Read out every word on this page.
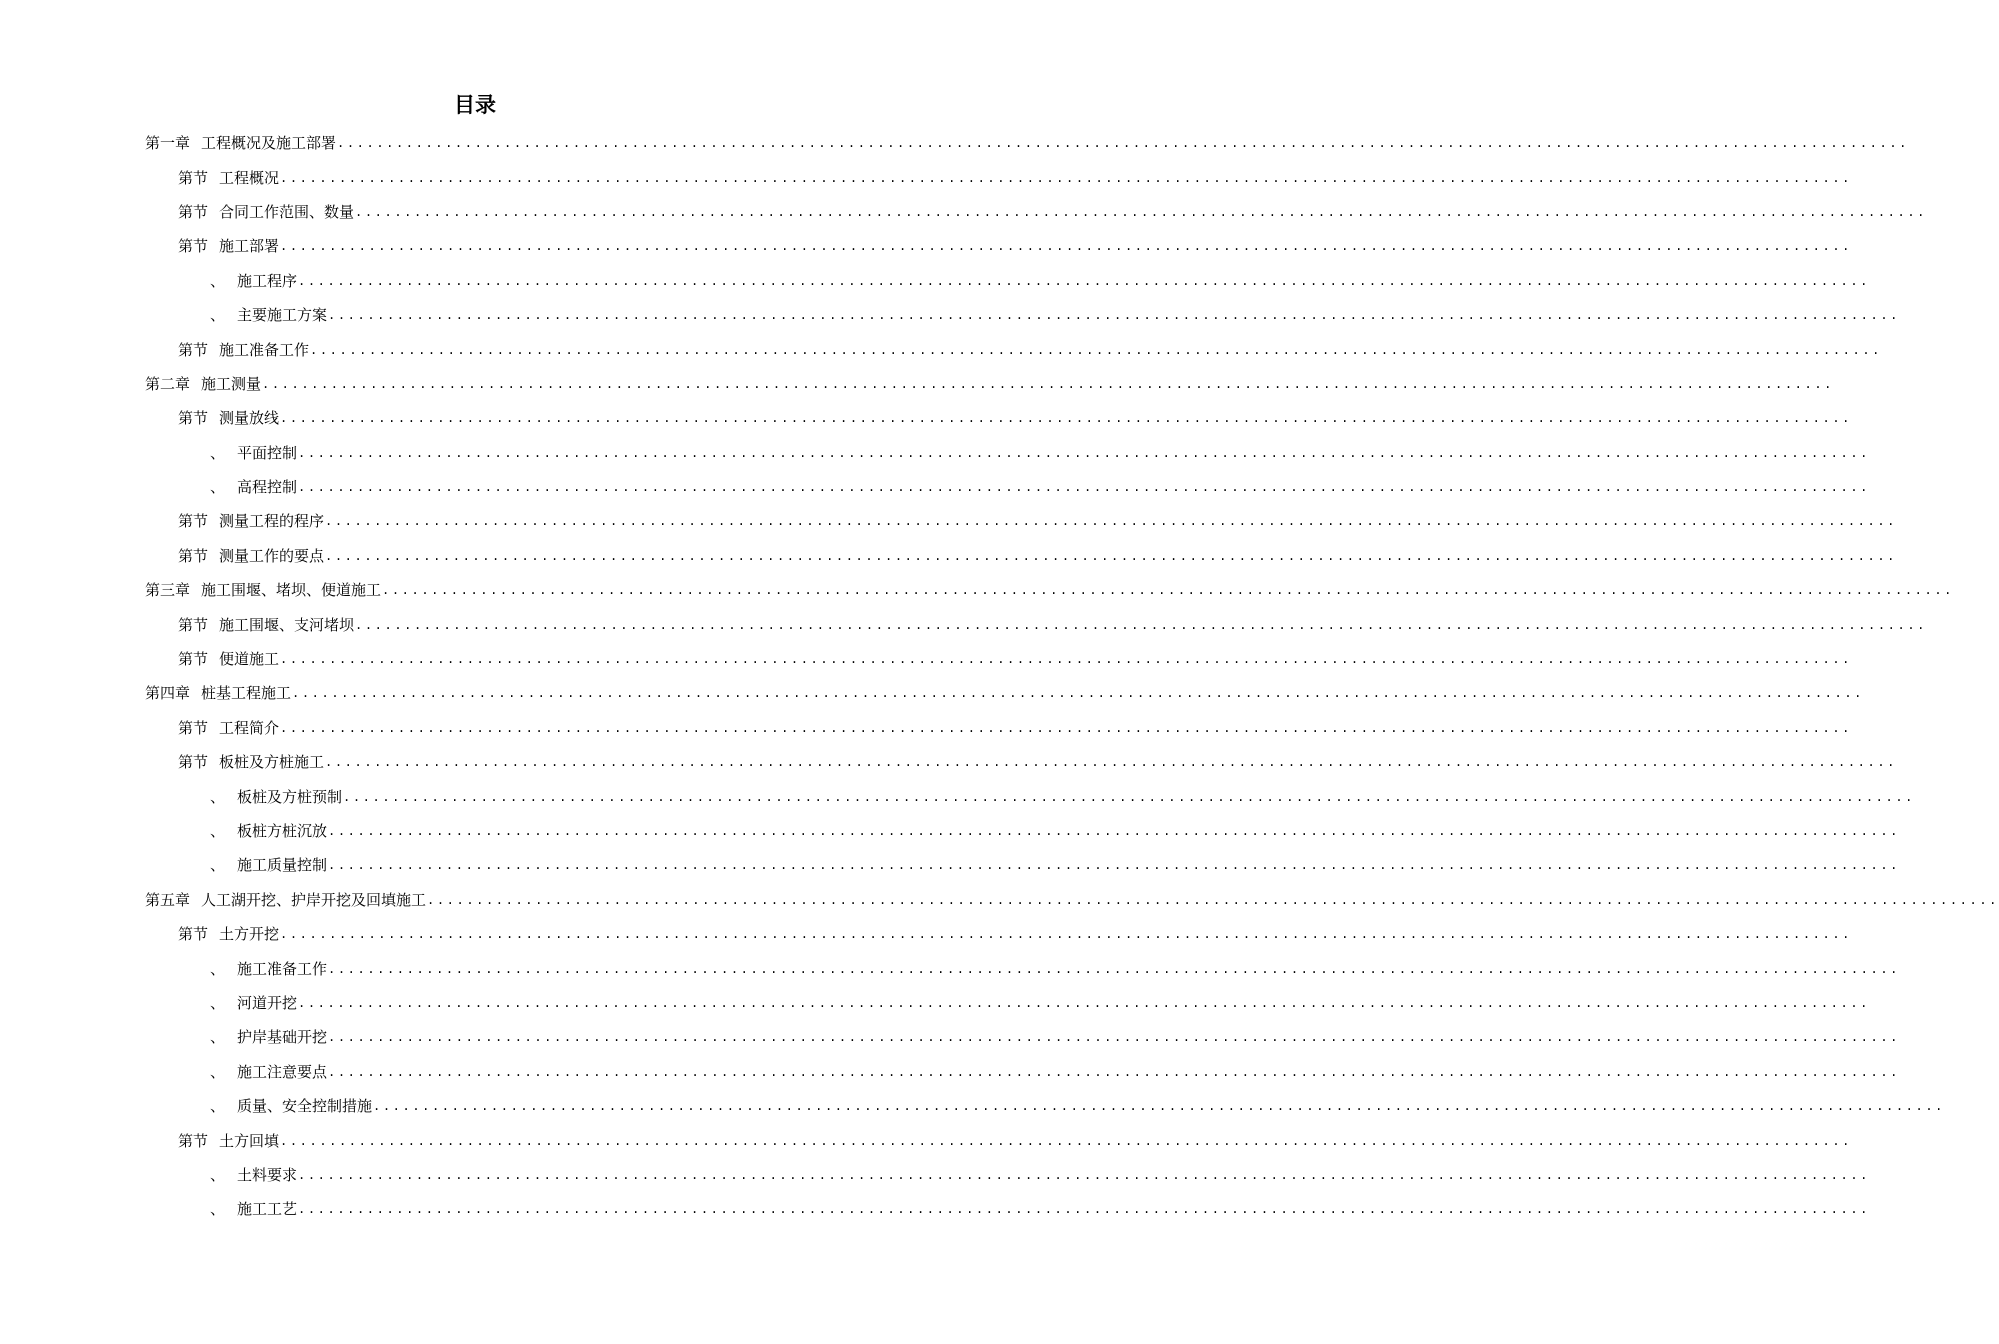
目录
第一章 工程概况及施工部署 ................................................................................................................................................................
第节 工程概况 ................................................................................................................................................................
第节 合同工作范围、数量 ................................................................................................................................................................
第节 施工部署 ................................................................................................................................................................
、 施工程序 ................................................................................................................................................................
、 主要施工方案 ................................................................................................................................................................
第节 施工准备工作 ................................................................................................................................................................
第二章 施工测量 ................................................................................................................................................................
第节 测量放线 ................................................................................................................................................................
、 平面控制 ................................................................................................................................................................
、 高程控制 ................................................................................................................................................................
第节 测量工程的程序 ................................................................................................................................................................
第节 测量工作的要点 ................................................................................................................................................................
第三章 施工围堰、堵坝、便道施工 ................................................................................................................................................................
第节 施工围堰、支河堵坝 ................................................................................................................................................................
第节 便道施工 ................................................................................................................................................................
第四章 桩基工程施工 ................................................................................................................................................................
第节 工程简介 ................................................................................................................................................................
第节 板桩及方桩施工 ................................................................................................................................................................
、 板桩及方桩预制 ................................................................................................................................................................
、 板桩方桩沉放 ................................................................................................................................................................
、 施工质量控制 ................................................................................................................................................................
第五章 人工湖开挖、护岸开挖及回填施工 ................................................................................................................................................................
第节 土方开挖 ................................................................................................................................................................
、 施工准备工作 ................................................................................................................................................................
、 河道开挖 ................................................................................................................................................................
、 护岸基础开挖 ................................................................................................................................................................
、 施工注意要点 ................................................................................................................................................................
、 质量、安全控制措施 ................................................................................................................................................................
第节 土方回填 ................................................................................................................................................................
、 土料要求 ................................................................................................................................................................
、 施工工艺 ................................................................................................................................................................
